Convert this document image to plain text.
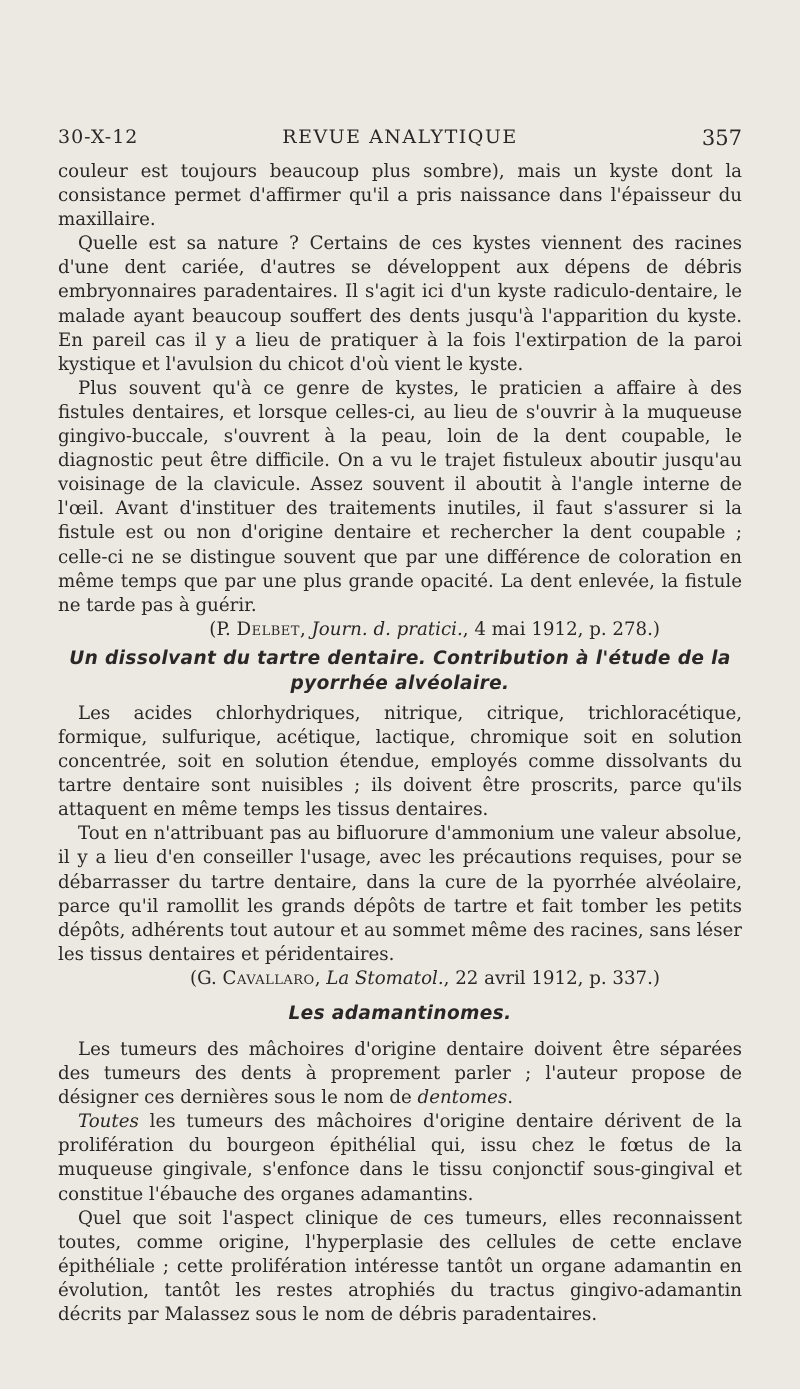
30-X-12	REVUE ANALYTIQUE	357

couleur est toujours beaucoup plus sombre), mais un kyste dont la consistance permet d'affirmer qu'il a pris naissance dans l'épaisseur du maxillaire.

Quelle est sa nature ? Certains de ces kystes viennent des racines d'une dent cariée, d'autres se développent aux dépens de débris embryonnaires paradentaires. Il s'agit ici d'un kyste radiculo-dentaire, le malade ayant beaucoup souffert des dents jusqu'à l'apparition du kyste. En pareil cas il y a lieu de pratiquer à la fois l'extirpation de la paroi kystique et l'avulsion du chicot d'où vient le kyste.

Plus souvent qu'à ce genre de kystes, le praticien a affaire à des fistules dentaires, et lorsque celles-ci, au lieu de s'ouvrir à la muqueuse gingivo-buccale, s'ouvrent à la peau, loin de la dent coupable, le diagnostic peut être difficile. On a vu le trajet fistuleux aboutir jusqu'au voisinage de la clavicule. Assez souvent il aboutit à l'angle interne de l'œil. Avant d'instituer des traitements inutiles, il faut s'assurer si la fistule est ou non d'origine dentaire et rechercher la dent coupable ; celle-ci ne se distingue souvent que par une différence de coloration en même temps que par une plus grande opacité. La dent enlevée, la fistule ne tarde pas à guérir.

(P. Delbet, Journ. d. pratici., 4 mai 1912, p. 278.)

Un dissolvant du tartre dentaire. Contribution à l'étude de la pyorrhée alvéolaire.

Les acides chlorhydriques, nitrique, citrique, trichloracétique, formique, sulfurique, acétique, lactique, chromique soit en solution concentrée, soit en solution étendue, employés comme dissolvants du tartre dentaire sont nuisibles ; ils doivent être proscrits, parce qu'ils attaquent en même temps les tissus dentaires.

Tout en n'attribuant pas au bifluorure d'ammonium une valeur absolue, il y a lieu d'en conseiller l'usage, avec les précautions requises, pour se débarrasser du tartre dentaire, dans la cure de la pyorrhée alvéolaire, parce qu'il ramollit les grands dépôts de tartre et fait tomber les petits dépôts, adhérents tout autour et au sommet même des racines, sans léser les tissus dentaires et péridentaires.

(G. Cavallaro, La Stomatol., 22 avril 1912, p. 337.)

Les adamantinomes.

Les tumeurs des mâchoires d'origine dentaire doivent être séparées des tumeurs des dents à proprement parler ; l'auteur propose de désigner ces dernières sous le nom de dentomes.

Toutes les tumeurs des mâchoires d'origine dentaire dérivent de la prolifération du bourgeon épithélial qui, issu chez le fœtus de la muqueuse gingivale, s'enfonce dans le tissu conjonctif sous-gingival et constitue l'ébauche des organes adamantins.

Quel que soit l'aspect clinique de ces tumeurs, elles reconnaissent toutes, comme origine, l'hyperplasie des cellules de cette enclave épithéliale ; cette prolifération intéresse tantôt un organe adamantin en évolution, tantôt les restes atrophiés du tractus gingivo-adamantin décrits par Malassez sous le nom de débris paradentaires.
